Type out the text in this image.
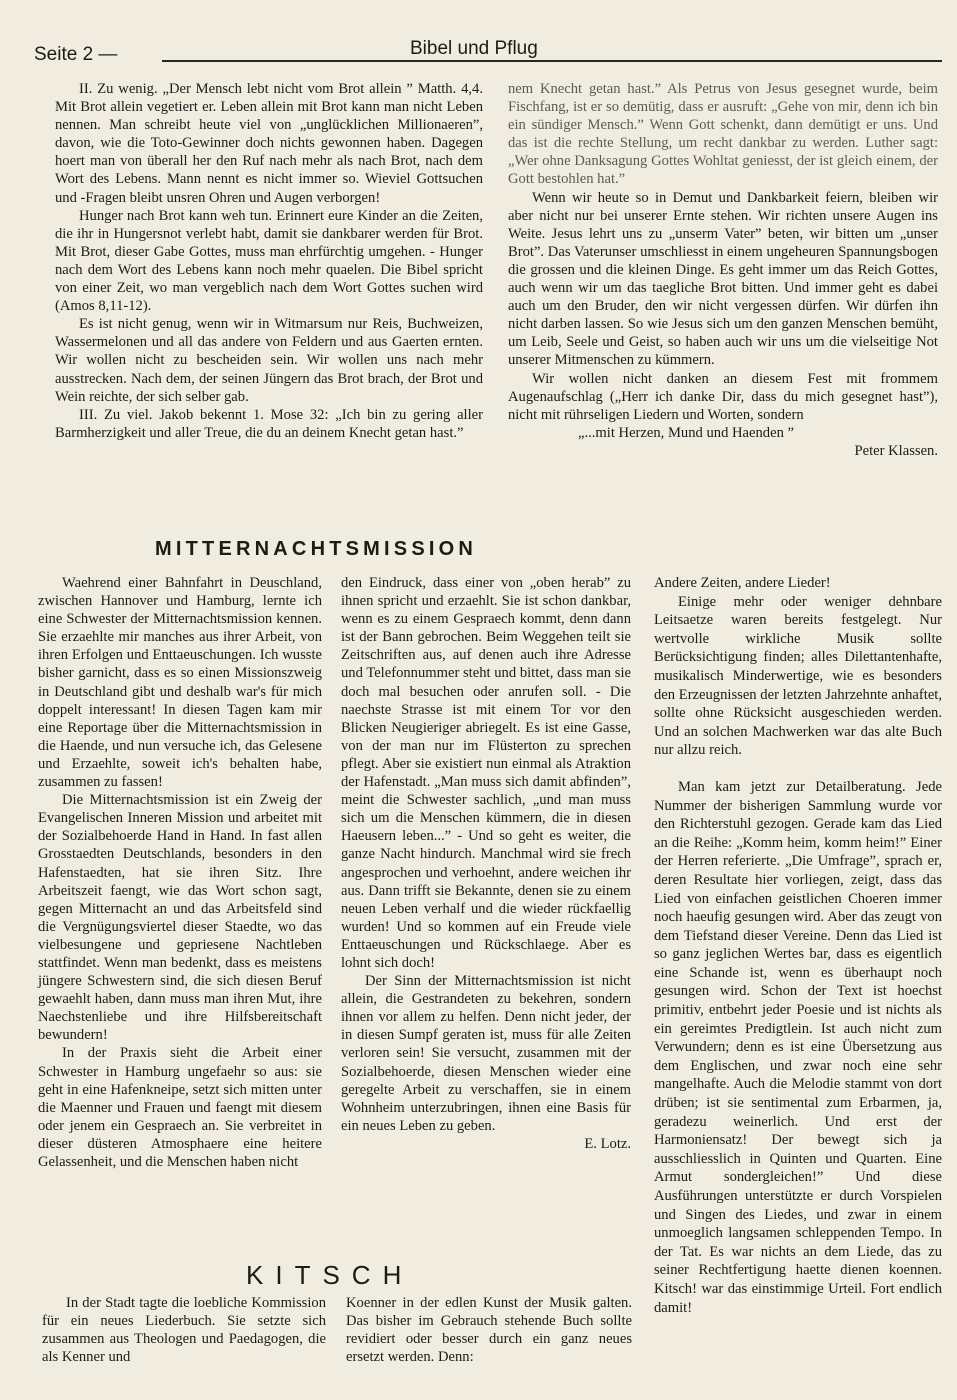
Seite 2 —	Bibel und Pflug

II. Zu wenig. „Der Mensch lebt nicht vom Brot allein ” Matth. 4,4. Mit Brot allein vegetiert er. Leben allein mit Brot kann man nicht Leben nennen. Man schreibt heute viel von „unglücklichen Millionaeren”, davon, wie die Toto-Gewinner doch nichts gewonnen haben. Dagegen hoert man von überall her den Ruf nach mehr als nach Brot, nach dem Wort des Lebens. Mann nennt es nicht immer so. Wieviel Gottsuchen und -Fragen bleibt unsren Ohren und Augen verborgen!

Hunger nach Brot kann weh tun. Erinnert eure Kinder an die Zeiten, die ihr in Hungersnot verlebt habt, damit sie dankbarer werden für Brot. Mit Brot, dieser Gabe Gottes, muss man ehrfürchtig umgehen. - Hunger nach dem Wort des Lebens kann noch mehr quaelen. Die Bibel spricht von einer Zeit, wo man vergeblich nach dem Wort Gottes suchen wird (Amos 8,11-12).

Es ist nicht genug, wenn wir in Witmarsum nur Reis, Buchweizen, Wassermelonen und all das andere von Feldern und aus Gaerten ernten. Wir wollen nicht zu bescheiden sein. Wir wollen uns nach mehr ausstrecken. Nach dem, der seinen Jüngern das Brot brach, der Brot und Wein reichte, der sich selber gab.

III. Zu viel. Jakob bekennt 1. Mose 32: „Ich bin zu gering aller Barmherzigkeit und aller Treue, die du an deinem Knecht getan hast.”

nem Knecht getan hast.” Als Petrus von Jesus gesegnet wurde, beim Fischfang, ist er so demütig, dass er ausruft: „Gehe von mir, denn ich bin ein sündiger Mensch.” Wenn Gott schenkt, dann demütigt er uns. Und das ist die rechte Stellung, um recht dankbar zu werden. Luther sagt: „Wer ohne Danksagung Gottes Wohltat geniesst, der ist gleich einem, der Gott bestohlen hat.”

Wenn wir heute so in Demut und Dankbarkeit feiern, bleiben wir aber nicht nur bei unserer Ernte stehen. Wir richten unsere Augen ins Weite. Jesus lehrt uns zu „unserm Vater” beten, wir bitten um „unser Brot”. Das Vaterunser umschliesst in einem ungeheuren Spannungsbogen die grossen und die kleinen Dinge. Es geht immer um das Reich Gottes, auch wenn wir um das taegliche Brot bitten. Und immer geht es dabei auch um den Bruder, den wir nicht vergessen dürfen. Wir dürfen ihn nicht darben lassen. So wie Jesus sich um den ganzen Menschen bemüht, um Leib, Seele und Geist, so haben auch wir uns um die vielseitige Not unserer Mitmenschen zu kümmern.

Wir wollen nicht danken an diesem Fest mit frommem Augenaufschlag („Herr ich danke Dir, dass du mich gesegnet hast”), nicht mit rührseligen Liedern und Worten, sondern

„...mit Herzen, Mund und Haenden ”

Peter Klassen.

MITTERNACHTSMISSION

Waehrend einer Bahnfahrt in Deuschland, zwischen Hannover und Hamburg, lernte ich eine Schwester der Mitternachtsmission kennen. Sie erzaehlte mir manches aus ihrer Arbeit, von ihren Erfolgen und Enttaeuschungen. Ich wusste bisher garnicht, dass es so einen Missionszweig in Deutschland gibt und deshalb war's für mich doppelt interessant! In diesen Tagen kam mir eine Reportage über die Mitternachtsmission in die Haende, und nun versuche ich, das Gelesene und Erzaehlte, soweit ich's behalten habe, zusammen zu fassen!

Die Mitternachtsmission ist ein Zweig der Evangelischen Inneren Mission und arbeitet mit der Sozialbehoerde Hand in Hand. In fast allen Grosstaedten Deutschlands, besonders in den Hafenstaedten, hat sie ihren Sitz. Ihre Arbeitszeit faengt, wie das Wort schon sagt, gegen Mitternacht an und das Arbeitsfeld sind die Vergnügungsviertel dieser Staedte, wo das vielbesungene und gepriesene Nachtleben stattfindet. Wenn man bedenkt, dass es meistens jüngere Schwestern sind, die sich diesen Beruf gewaehlt haben, dann muss man ihren Mut, ihre Naechstenliebe und ihre Hilfsbereitschaft bewundern!

In der Praxis sieht die Arbeit einer Schwester in Hamburg ungefaehr so aus: sie geht in eine Hafenkneipe, setzt sich mitten unter die Maenner und Frauen und faengt mit diesem oder jenem ein Gespraech an. Sie verbreitet in dieser düsteren Atmosphaere eine heitere Gelassenheit, und die Menschen haben nicht

den Eindruck, dass einer von „oben herab” zu ihnen spricht und erzaehlt. Sie ist schon dankbar, wenn es zu einem Gespraech kommt, denn dann ist der Bann gebrochen. Beim Weggehen teilt sie Zeitschriften aus, auf denen auch ihre Adresse und Telefonnummer steht und bittet, dass man sie doch mal besuchen oder anrufen soll. - Die naechste Strasse ist mit einem Tor vor den Blicken Neugieriger abriegelt. Es ist eine Gasse, von der man nur im Flüsterton zu sprechen pflegt. Aber sie existiert nun einmal als Atraktion der Hafenstadt. „Man muss sich damit abfinden”, meint die Schwester sachlich, „und man muss sich um die Menschen kümmern, die in diesen Haeusern leben...” - Und so geht es weiter, die ganze Nacht hindurch. Manchmal wird sie frech angesprochen und verhoehnt, andere weichen ihr aus. Dann trifft sie Bekannte, denen sie zu einem neuen Leben verhalf und die wieder rückfaellig wurden! Und so kommen auf ein Freude viele Enttaeuschungen und Rückschlaege. Aber es lohnt sich doch!

Der Sinn der Mitternachtsmission ist nicht allein, die Gestrandeten zu bekehren, sondern ihnen vor allem zu helfen. Denn nicht jeder, der in diesen Sumpf geraten ist, muss für alle Zeiten verloren sein! Sie versucht, zusammen mit der Sozialbehoerde, diesen Menschen wieder eine geregelte Arbeit zu verschaffen, sie in einem Wohnheim unterzubringen, ihnen eine Basis für ein neues Leben zu geben.

E. Lotz.

KITSCH

In der Stadt tagte die loebliche Kommission für ein neues Liederbuch. Sie setzte sich zusammen aus Theologen und Paedagogen, die als Kenner und

Koenner in der edlen Kunst der Musik galten. Das bisher im Gebrauch stehende Buch sollte revidiert oder besser durch ein ganz neues ersetzt werden. Denn:

Andere Zeiten, andere Lieder!

Einige mehr oder weniger dehnbare Leitsaetze waren bereits festgelegt. Nur wertvolle wirkliche Musik sollte Berücksichtigung finden; alles Dilettantenhafte, musikalisch Minderwertige, wie es besonders den Erzeugnissen der letzten Jahrzehnte anhaftet, sollte ohne Rücksicht ausgeschieden werden. Und an solchen Machwerken war das alte Buch nur allzu reich.

Man kam jetzt zur Detailberatung. Jede Nummer der bisherigen Sammlung wurde vor den Richterstuhl gezogen. Gerade kam das Lied an die Reihe: „Komm heim, komm heim!” Einer der Herren referierte. „Die Umfrage”, sprach er, deren Resultate hier vorliegen, zeigt, dass das Lied von einfachen geistlichen Choeren immer noch haeufig gesungen wird. Aber das zeugt von dem Tiefstand dieser Vereine. Denn das Lied ist so ganz jeglichen Wertes bar, dass es eigentlich eine Schande ist, wenn es überhaupt noch gesungen wird. Schon der Text ist hoechst primitiv, entbehrt jeder Poesie und ist nichts als ein gereimtes Predigtlein. Ist auch nicht zum Verwundern; denn es ist eine Übersetzung aus dem Englischen, und zwar noch eine sehr mangelhafte. Auch die Melodie stammt von dort drüben; ist sie sentimental zum Erbarmen, ja, geradezu weinerlich. Und erst der Harmoniensatz! Der bewegt sich ja ausschliesslich in Quinten und Quarten. Eine Armut sondergleichen!” Und diese Ausführungen unterstützte er durch Vorspielen und Singen des Liedes, und zwar in einem unmoeglich langsamen schleppenden Tempo. In der Tat. Es war nichts an dem Liede, das zu seiner Rechtfertigung haette dienen koennen. Kitsch! war das einstimmige Urteil. Fort endlich damit!
